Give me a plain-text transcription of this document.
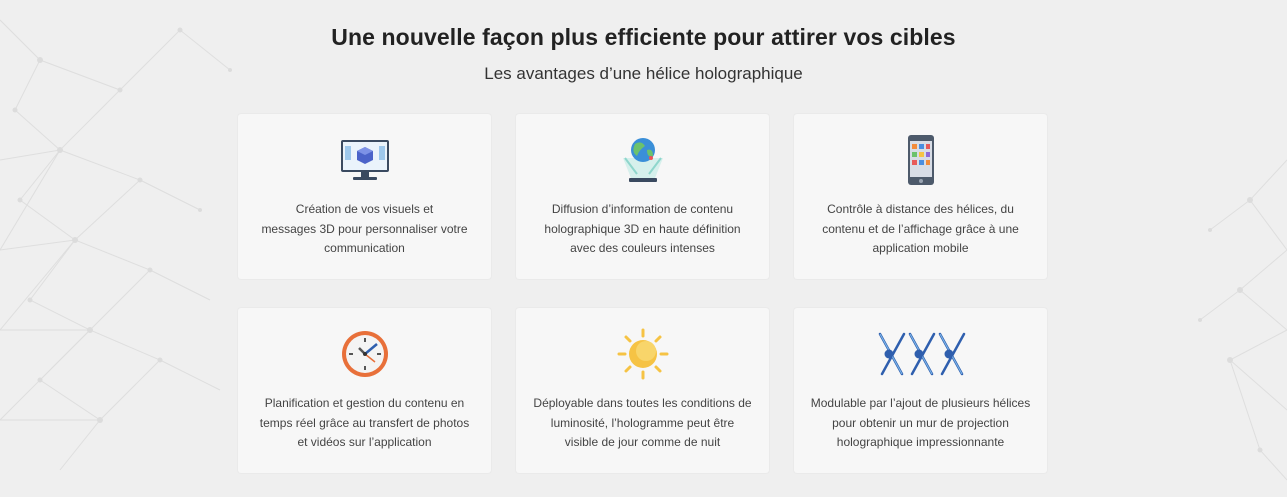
Une nouvelle façon plus efficiente pour attirer vos cibles
Les avantages d’une hélice holographique
Création de vos visuels et
messages 3D pour personnaliser votre
communication
Diffusion d’information de contenu
holographique 3D en haute définition
avec des couleurs intenses
Contrôle à distance des hélices, du
contenu et de l’affichage grâce à une
application mobile
Planification et gestion du contenu en
temps réel grâce au transfert de photos
et vidéos sur l’application
Déployable dans toutes les conditions de
luminosité, l’hologramme peut être
visible de jour comme de nuit
Modulable par l’ajout de plusieurs hélices
pour obtenir un mur de projection
holographique impressionnante
